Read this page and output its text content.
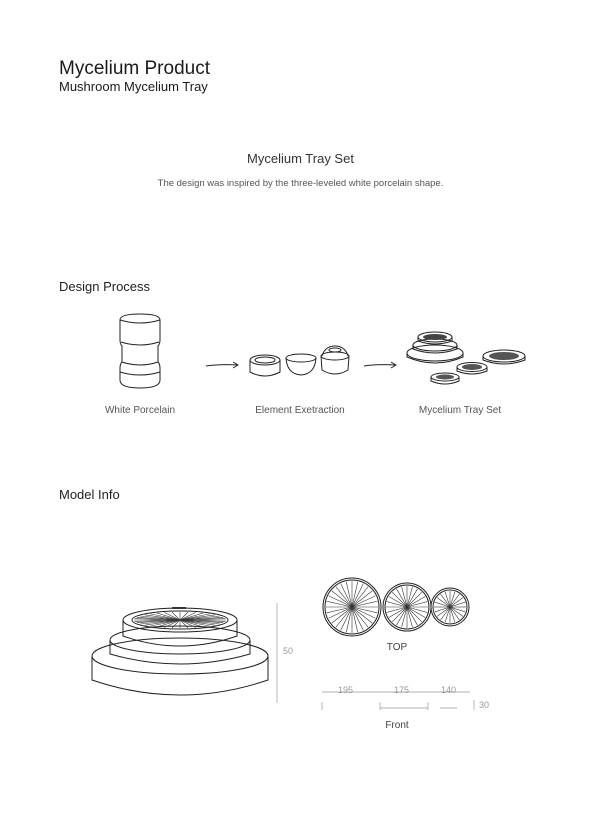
Mycelium Product
Mushroom Mycelium Tray
Mycelium Tray Set
The design was inspired by the three-leveled white porcelain shape.
Design Process
White Porcelain	Element Exetraction	Mycelium Tray Set
Model Info
50	TOP
195	175	140
30
Front
